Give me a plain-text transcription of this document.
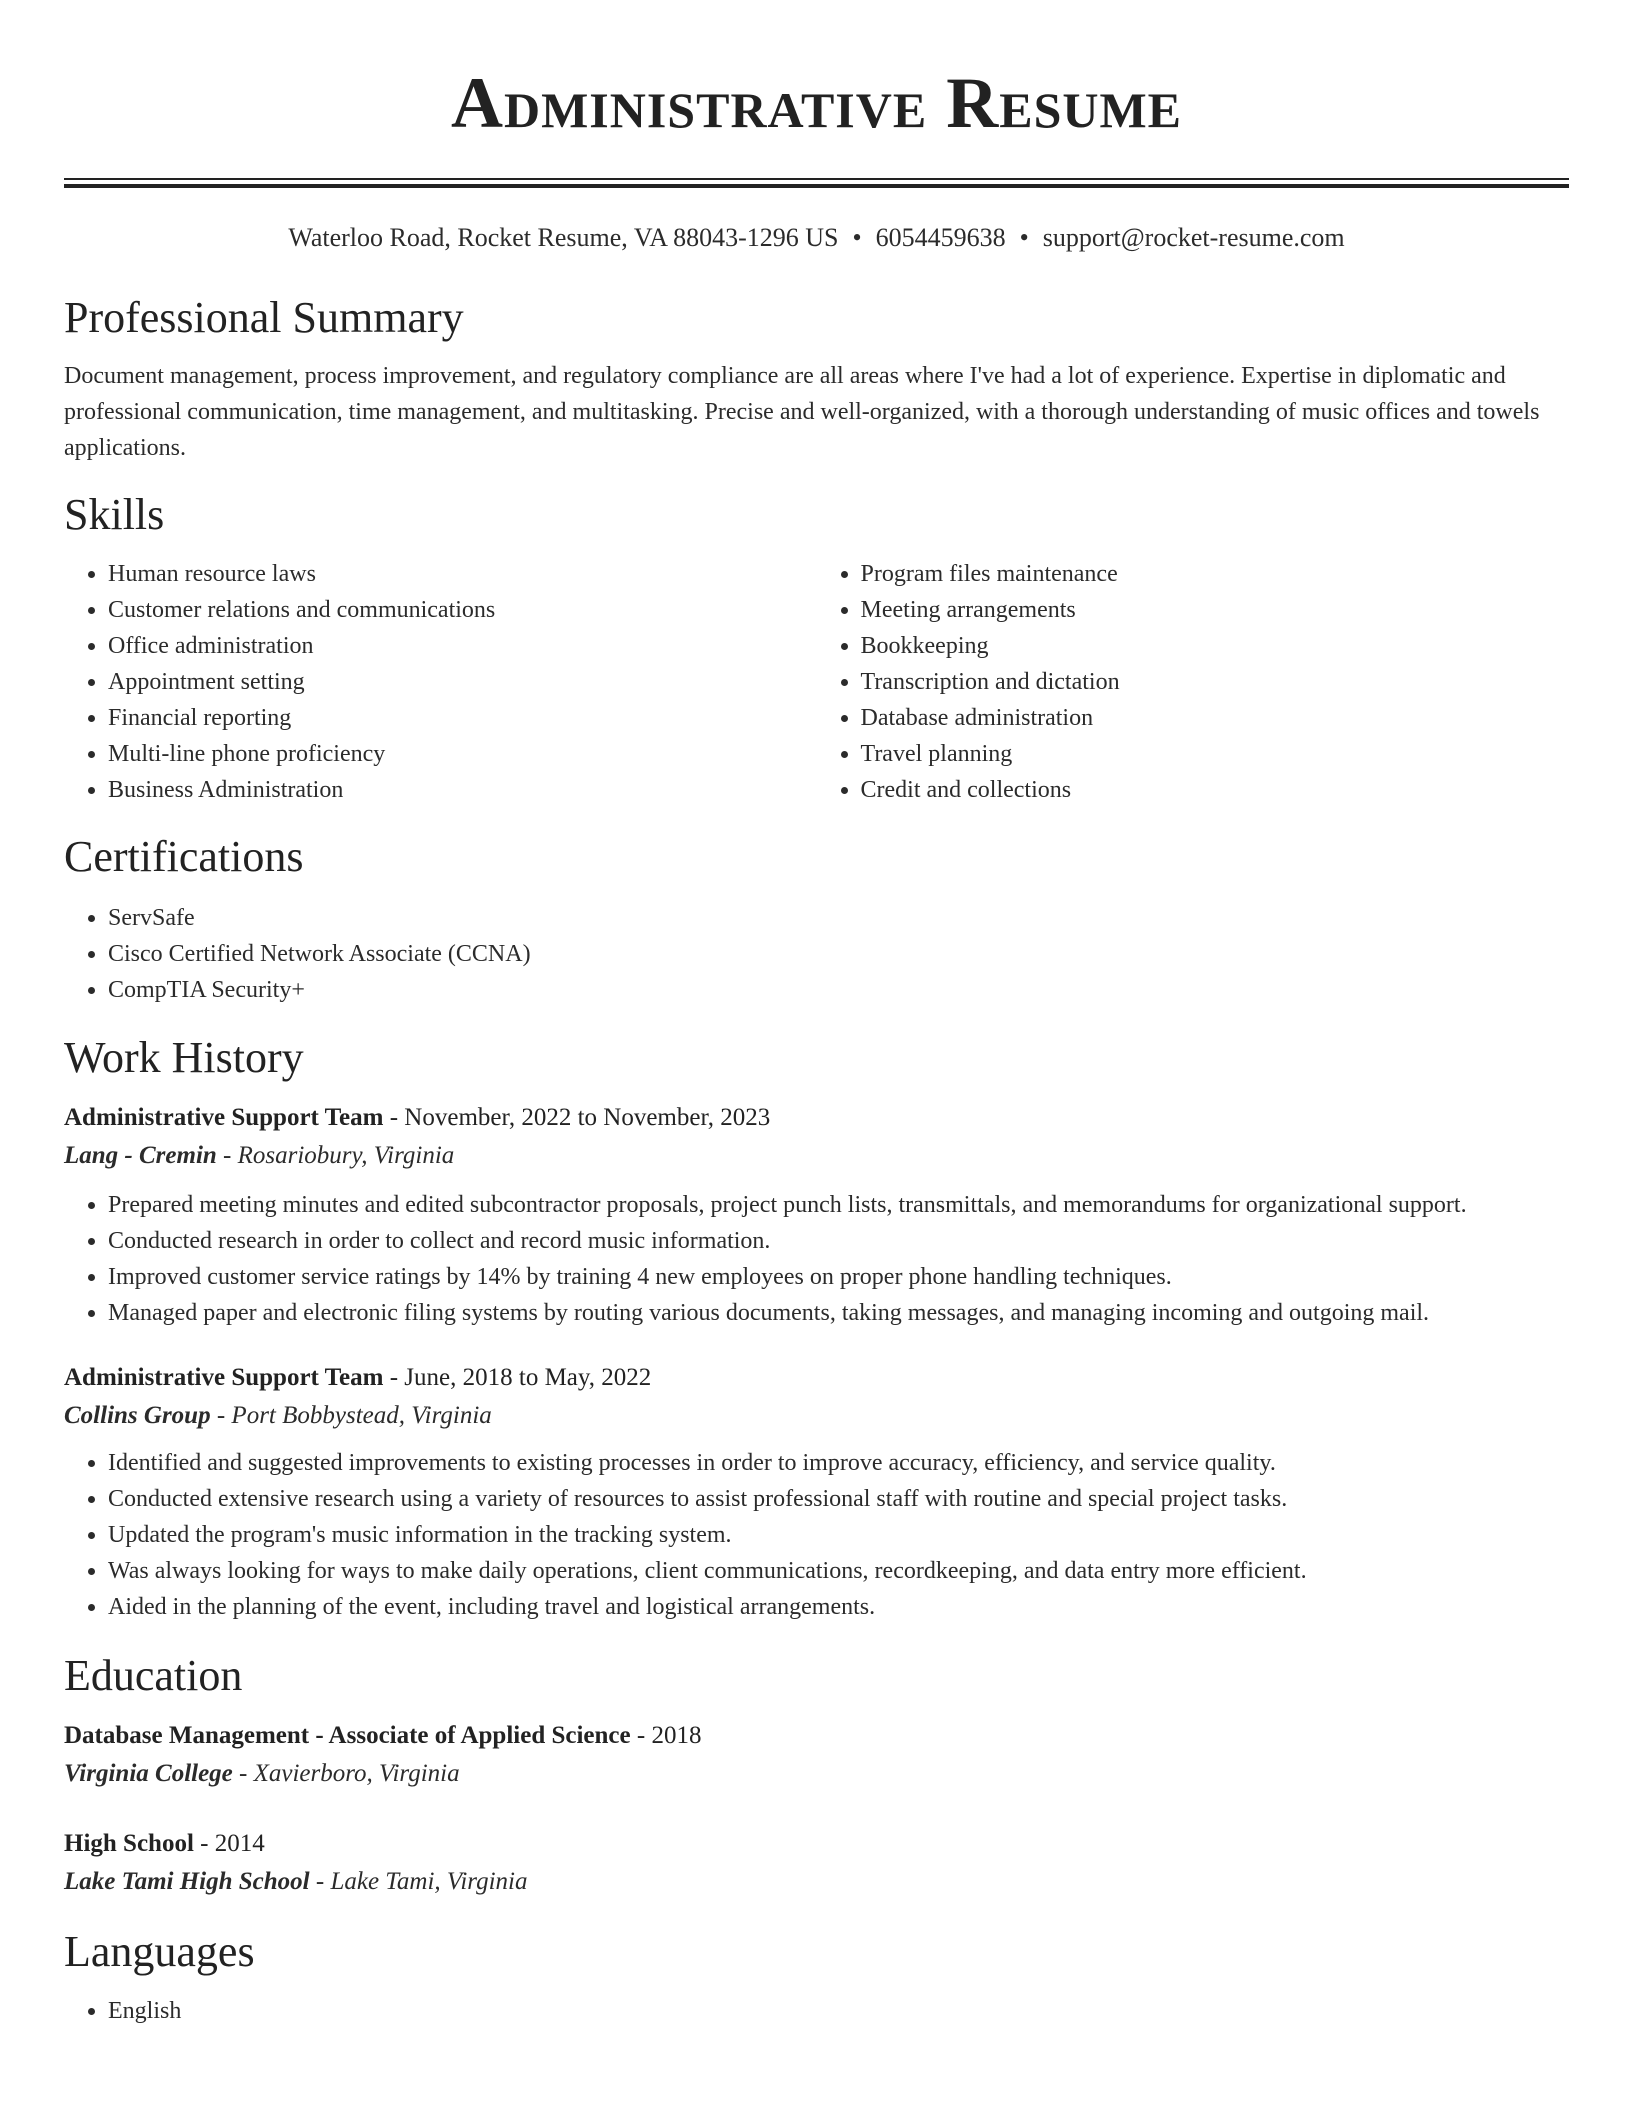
Administrative Resume
Waterloo Road, Rocket Resume, VA 88043-1296 US • 6054459638 • support@rocket-resume.com
Professional Summary
Document management, process improvement, and regulatory compliance are all areas where I've had a lot of experience. Expertise in diplomatic and professional communication, time management, and multitasking. Precise and well-organized, with a thorough understanding of music offices and towels applications.
Skills
• Human resource laws
• Customer relations and communications
• Office administration
• Appointment setting
• Financial reporting
• Multi-line phone proficiency
• Business Administration
• Program files maintenance
• Meeting arrangements
• Bookkeeping
• Transcription and dictation
• Database administration
• Travel planning
• Credit and collections
Certifications
• ServSafe
• Cisco Certified Network Associate (CCNA)
• CompTIA Security+
Work History
Administrative Support Team - November, 2022 to November, 2023
Lang - Cremin - Rosariobury, Virginia
• Prepared meeting minutes and edited subcontractor proposals, project punch lists, transmittals, and memorandums for organizational support.
• Conducted research in order to collect and record music information.
• Improved customer service ratings by 14% by training 4 new employees on proper phone handling techniques.
• Managed paper and electronic filing systems by routing various documents, taking messages, and managing incoming and outgoing mail.
Administrative Support Team - June, 2018 to May, 2022
Collins Group - Port Bobbystead, Virginia
• Identified and suggested improvements to existing processes in order to improve accuracy, efficiency, and service quality.
• Conducted extensive research using a variety of resources to assist professional staff with routine and special project tasks.
• Updated the program's music information in the tracking system.
• Was always looking for ways to make daily operations, client communications, recordkeeping, and data entry more efficient.
• Aided in the planning of the event, including travel and logistical arrangements.
Education
Database Management - Associate of Applied Science - 2018
Virginia College - Xavierboro, Virginia
High School - 2014
Lake Tami High School - Lake Tami, Virginia
Languages
• English
